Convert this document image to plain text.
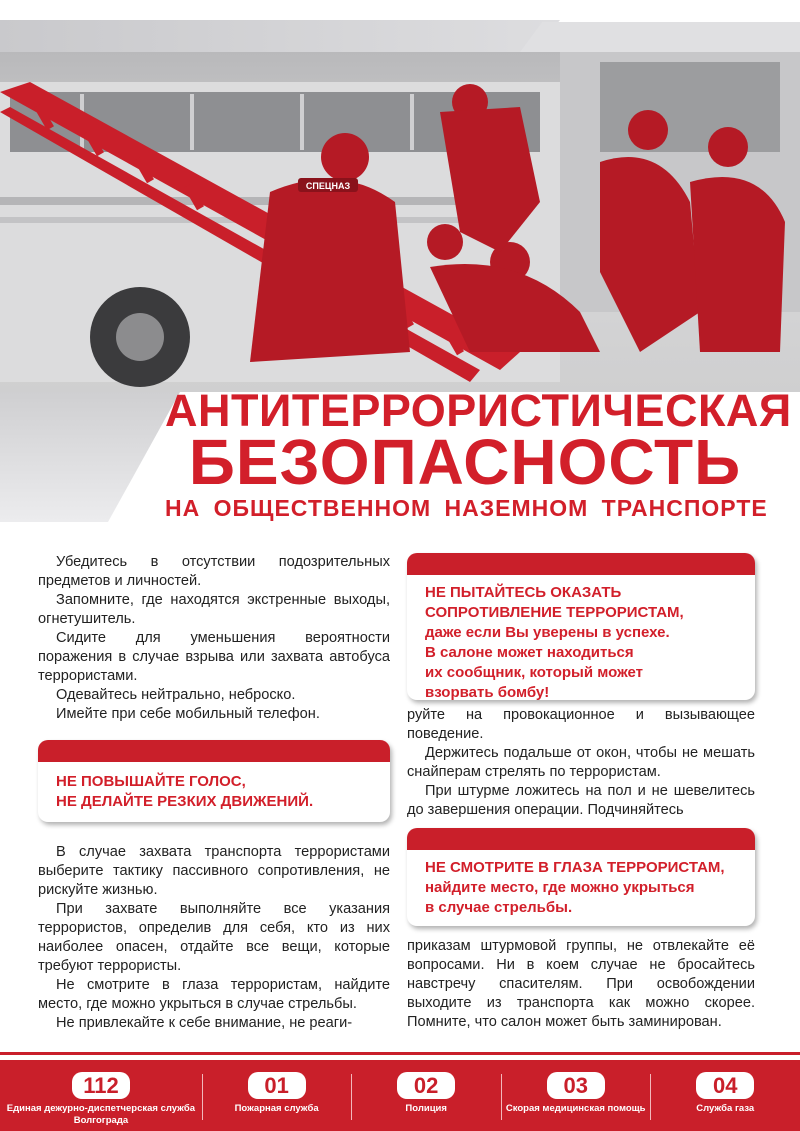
СПЕЦНАЗ
АНТИТЕРРОРИСТИЧЕСКАЯ
БЕЗОПАСНОСТЬ
НА ОБЩЕСТВЕННОМ НАЗЕМНОМ ТРАНСПОРТЕ

Убедитесь в отсутствии подозрительных предметов и личностей.

Запомните, где находятся экстренные выходы, огнетушитель.

Сидите для уменьшения вероятности поражения в случае взрыва или захвата автобуса террористами.

Одевайтесь нейтрально, неброско.

Имейте при себе мобильный телефон.

НЕ ПОВЫШАЙТЕ ГОЛОС,
НЕ ДЕЛАЙТЕ РЕЗКИХ ДВИЖЕНИЙ.

В случае захвата транспорта террористами выберите тактику пассивного сопротивления, не рискуйте жизнью.

При захвате выполняйте все указания террористов, определив для себя, кто из них наиболее опасен, отдайте все вещи, которые требуют террористы.

Не смотрите в глаза террористам, найдите место, где можно укрыться в случае стрельбы.

Не привлекайте к себе внимание, не реаги-

НЕ ПЫТАЙТЕСЬ ОКАЗАТЬ
СОПРОТИВЛЕНИЕ ТЕРРОРИСТАМ,
даже если Вы уверены в успехе.
В салоне может находиться
их сообщник, который может
взорвать бомбу!

руйте на провокационное и вызывающее поведение.

Держитесь подальше от окон, чтобы не мешать снайперам стрелять по террористам.

При штурме ложитесь на пол и не шевелитесь до завершения операции. Подчиняйтесь

НЕ СМОТРИТЕ В ГЛАЗА ТЕРРОРИСТАМ,
найдите место, где можно укрыться
в случае стрельбы.

приказам штурмовой группы, не отвлекайте её вопросами. Ни в коем случае не бросайтесь навстречу спасителям. При освобождении выходите из транспорта как можно скорее. Помните, что салон может быть заминирован.

112
Единая дежурно-диспетчерская служба Волгограда
01
Пожарная служба
02
Полиция
03
Скорая медицинская помощь
04
Служба газа
